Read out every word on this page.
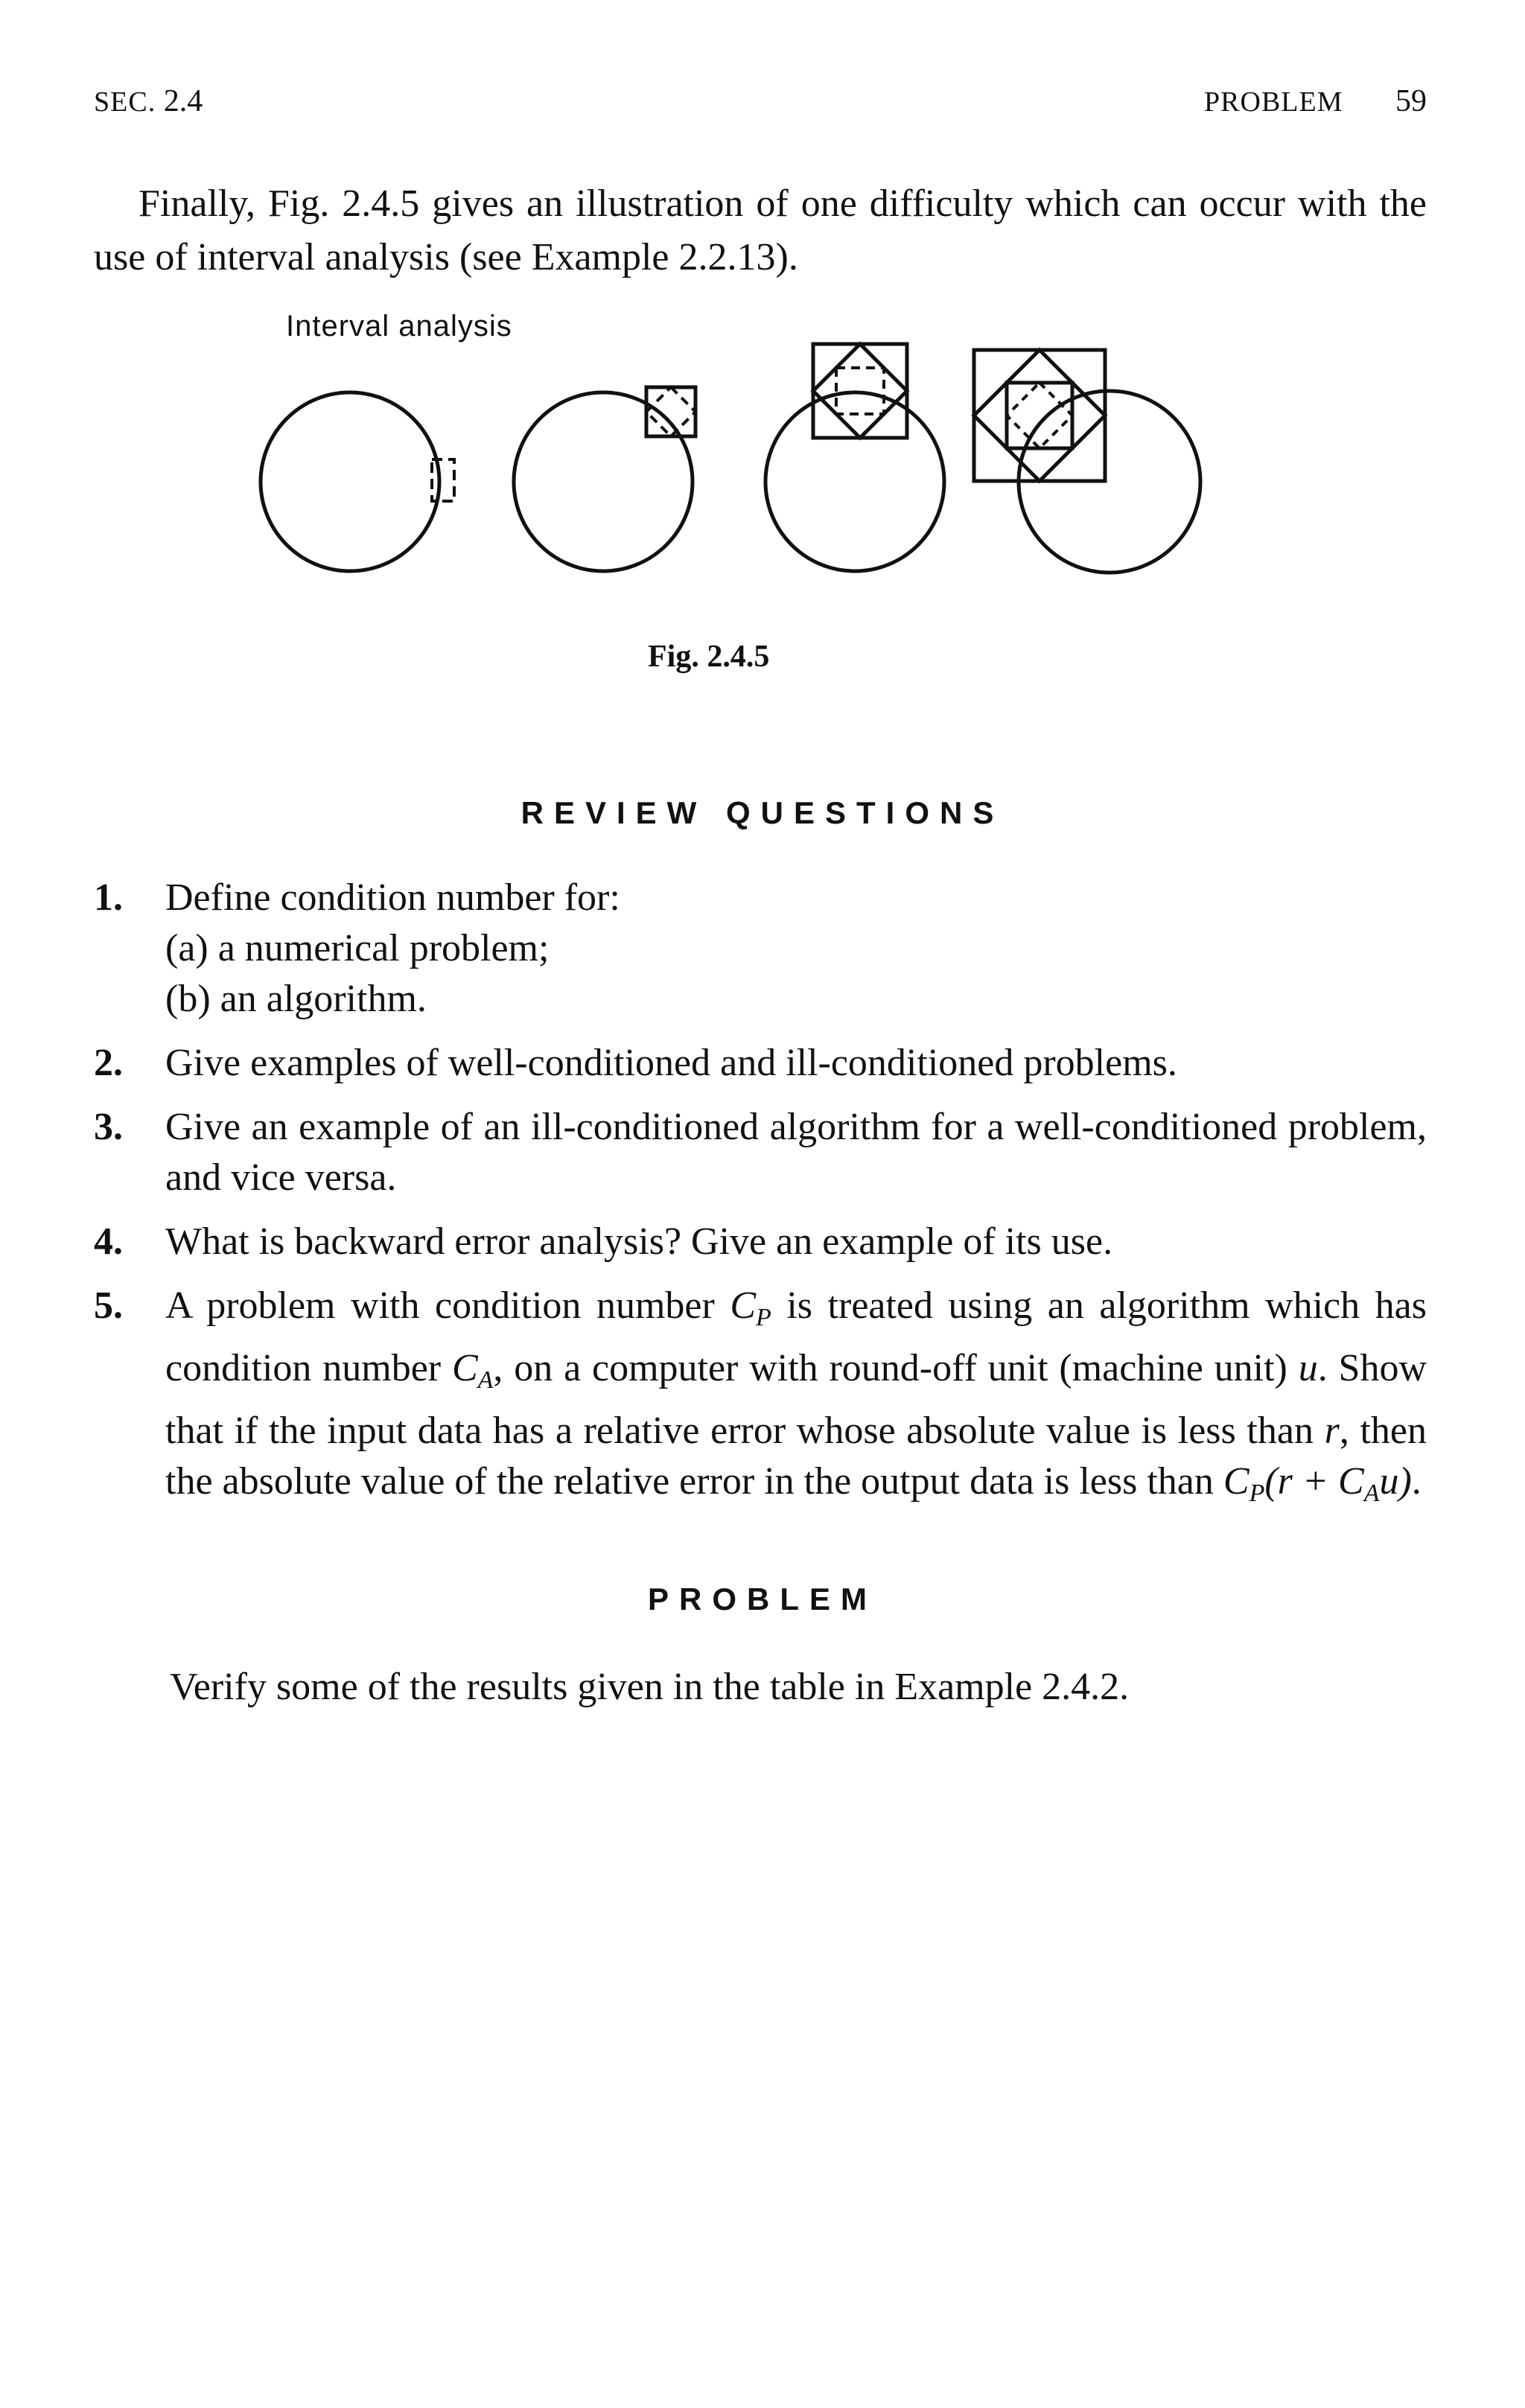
SEC. 2.4	PROBLEM 59
Finally, Fig. 2.4.5 gives an illustration of one difficulty which can occur with the use of interval analysis (see Example 2.2.13).
Interval analysis
Fig. 2.4.5
REVIEW QUESTIONS
1. Define condition number for:
(a) a numerical problem;
(b) an algorithm.
2. Give examples of well-conditioned and ill-conditioned problems.
3. Give an example of an ill-conditioned algorithm for a well-conditioned problem, and vice versa.
4. What is backward error analysis? Give an example of its use.
5. A problem with condition number CP is treated using an algorithm which has condition number CA, on a computer with round-off unit (machine unit) u. Show that if the input data has a relative error whose absolute value is less than r, then the absolute value of the relative error in the output data is less than CP(r + CAu).
PROBLEM
Verify some of the results given in the table in Example 2.4.2.
